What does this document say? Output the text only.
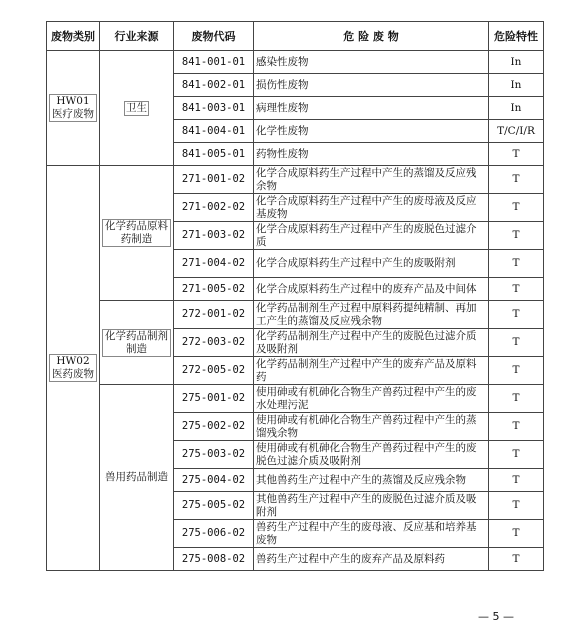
废物类别	行业来源	废物代码	危 险 废 物	危险特性
HW01 医疗废物	卫生	841-001-01	感染性废物	In
		841-002-01	损伤性废物	In
		841-003-01	病理性废物	In
		841-004-01	化学性废物	T/C/I/R
		841-005-01	药物性废物	T
HW02 医药废物	化学药品原料药制造	271-001-02	化学合成原料药生产过程中产生的蒸馏及反应残余物	T
		271-002-02	化学合成原料药生产过程中产生的废母液及反应基废物	T
		271-003-02	化学合成原料药生产过程中产生的废脱色过滤介质	T
		271-004-02	化学合成原料药生产过程中产生的废吸附剂	T
		271-005-02	化学合成原料药生产过程中的废弃产品及中间体	T
	化学药品制剂制造	272-001-02	化学药品制剂生产过程中原料药提纯精制、再加工产生的蒸馏及反应残余物	T
		272-003-02	化学药品制剂生产过程中产生的废脱色过滤介质及吸附剂	T
		272-005-02	化学药品制剂生产过程中产生的废弃产品及原料药	T
	兽用药品制造	275-001-02	使用砷或有机砷化合物生产兽药过程中产生的废水处理污泥	T
		275-002-02	使用砷或有机砷化合物生产兽药过程中产生的蒸馏残余物	T
		275-003-02	使用砷或有机砷化合物生产兽药过程中产生的废脱色过滤介质及吸附剂	T
		275-004-02	其他兽药生产过程中产生的蒸馏及反应残余物	T
		275-005-02	其他兽药生产过程中产生的废脱色过滤介质及吸附剂	T
		275-006-02	兽药生产过程中产生的废母液、反应基和培养基废物	T
		275-008-02	兽药生产过程中产生的废弃产品及原料药	T
— 5 —
